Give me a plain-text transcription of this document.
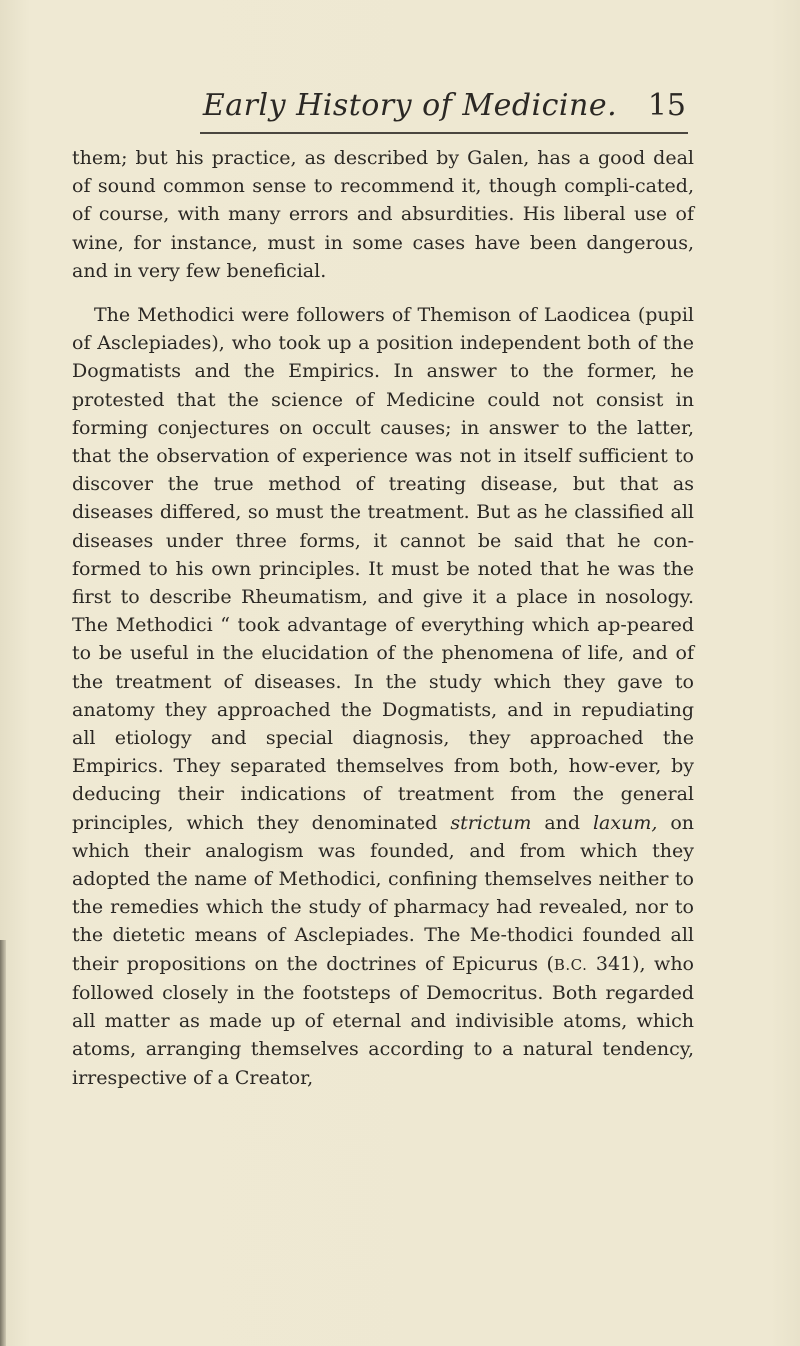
Early History of Medicine.	15

them; but his practice, as described by Galen, has a good deal of sound common sense to recommend it, though compli-cated, of course, with many errors and absurdities. His liberal use of wine, for instance, must in some cases have been dangerous, and in very few beneficial.

The Methodici were followers of Themison of Laodicea (pupil of Asclepiades), who took up a position independent both of the Dogmatists and the Empirics. In answer to the former, he protested that the science of Medicine could not consist in forming conjectures on occult causes; in answer to the latter, that the observation of experience was not in itself sufficient to discover the true method of treating disease, but that as diseases differed, so must the treatment. But as he classified all diseases under three forms, it cannot be said that he con-formed to his own principles. It must be noted that he was the first to describe Rheumatism, and give it a place in nosology. The Methodici “ took advantage of everything which ap-peared to be useful in the elucidation of the phenomena of life, and of the treatment of diseases. In the study which they gave to anatomy they approached the Dogmatists, and in repudiating all etiology and special diagnosis, they approached the Empirics. They separated themselves from both, how-ever, by deducing their indications of treatment from the general principles, which they denominated strictum and laxum, on which their analogism was founded, and from which they adopted the name of Methodici, confining themselves neither to the remedies which the study of pharmacy had revealed, nor to the dietetic means of Asclepiades. The Me-thodici founded all their propositions on the doctrines of Epicurus (B.C. 341), who followed closely in the footsteps of Democritus. Both regarded all matter as made up of eternal and indivisible atoms, which atoms, arranging themselves according to a natural tendency, irrespective of a Creator,
